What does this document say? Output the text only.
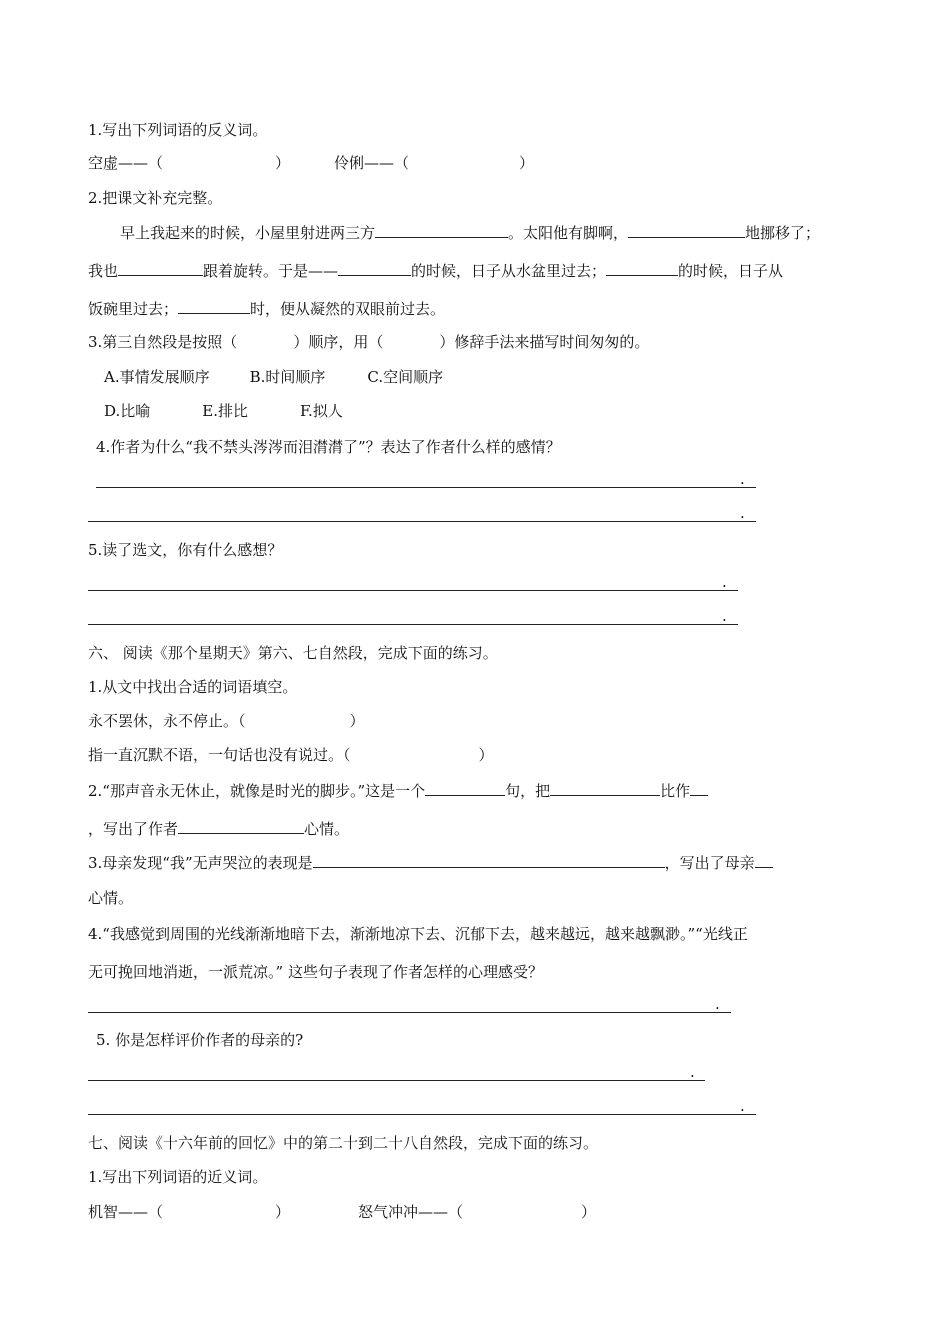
1.写出下列词语的反义词。
空虚——（	）	伶俐——（	）
2.把课文补充完整。
早上我起来的时候，小屋里射进两三方	。太阳他有脚啊，	地挪移了；
我也	跟着旋转。于是——	的时候，日子从水盆里过去；	的时候，日子从
饭碗里过去；	时，便从凝然的双眼前过去。
3.第三自然段是按照（	）顺序，用（	）修辞手法来描写时间匆匆的。
A.事情发展顺序	B.时间顺序	C.空间顺序
D.比喻	E.排比	F.拟人
4.作者为什么“我不禁头涔涔而泪潸潸了”？表达了作者什么样的感情？
.
.
5.读了选文，你有什么感想？
.
.
六、 阅读《那个星期天》第六、七自然段，完成下面的练习。
1.从文中找出合适的词语填空。
永不罢休，永不停止。（	）
指一直沉默不语，一句话也没有说过。（	）
2.“那声音永无休止，就像是时光的脚步。”这是一个	句，把	比作
，写出了作者	心情。
3.母亲发现“我”无声哭泣的表现是	，写出了母亲
心情。
4.“我感觉到周围的光线渐渐地暗下去，渐渐地凉下去、沉郁下去，越来越远，越来越飘渺。”“光线正
无可挽回地消逝，一派荒凉。” 这些句子表现了作者怎样的心理感受？
.
5. 你是怎样评价作者的母亲的?
.
.
七、阅读《十六年前的回忆》中的第二十到二十八自然段，完成下面的练习。
1.写出下列词语的近义词。
机智——（	）	怒气冲冲——（	）
